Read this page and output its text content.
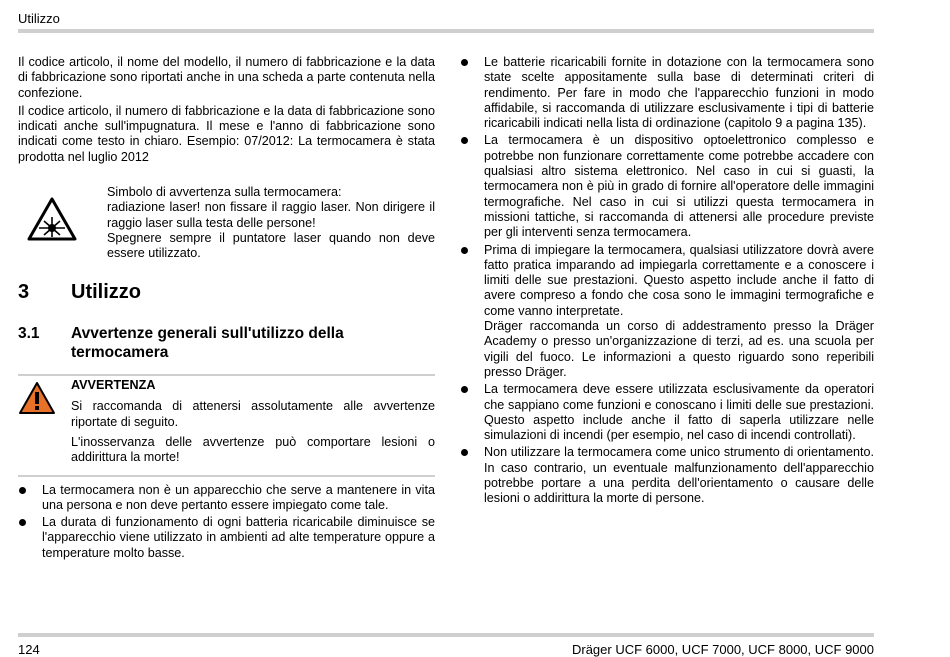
Utilizzo

Il codice articolo, il nome del modello, il numero di fabbricazione e la data di fabbricazione sono riportati anche in una scheda a parte contenuta nella confezione.

Il codice articolo, il numero di fabbricazione e la data di fabbricazione sono indicati anche sull'impugnatura. Il mese e l'anno di fabbricazione sono indicati come testo in chiaro. Esempio: 07/2012: La termocamera è stata prodotta nel luglio 2012

Simbolo di avvertenza sulla termocamera:
radiazione laser! non fissare il raggio laser. Non dirigere il raggio laser sulla testa delle persone!
Spegnere sempre il puntatore laser quando non deve essere utilizzato.
3 Utilizzo
3.1 Avvertenze generali sull'utilizzo della termocamera
AVVERTENZA

Si raccomanda di attenersi assolutamente alle avvertenze riportate di seguito.

L'inosservanza delle avvertenze può comportare lesioni o addirittura la morte!

La termocamera non è un apparecchio che serve a mantenere in vita una persona e non deve pertanto essere impiegato come tale.
La durata di funzionamento di ogni batteria ricaricabile diminuisce se l'apparecchio viene utilizzato in ambienti ad alte temperature oppure a temperature molto basse.
Le batterie ricaricabili fornite in dotazione con la termocamera sono state scelte appositamente sulla base di determinati criteri di rendimento. Per fare in modo che l'apparecchio funzioni in modo affidabile, si raccomanda di utilizzare esclusivamente i tipi di batterie ricaricabili indicati nella lista di ordinazione (capitolo 9 a pagina 135).
La termocamera è un dispositivo optoelettronico complesso e potrebbe non funzionare correttamente come potrebbe accadere con qualsiasi altro sistema elettronico. Nel caso in cui si guasti, la termocamera non è più in grado di fornire all'operatore delle immagini termografiche. Nel caso in cui si utilizzi questa termocamera in missioni tattiche, si raccomanda di attenersi alle procedure previste per gli interventi senza termocamera.
Prima di impiegare la termocamera, qualsiasi utilizzatore dovrà avere fatto pratica imparando ad impiegarla correttamente e a conoscere i limiti delle sue prestazioni. Questo aspetto include anche il fatto di avere compreso a fondo che cosa sono le immagini termografiche e come vanno interpretate.
Dräger raccomanda un corso di addestramento presso la Dräger Academy o presso un'organizzazione di terzi, ad es. una scuola per vigili del fuoco. Le informazioni a questo riguardo sono reperibili presso Dräger.
La termocamera deve essere utilizzata esclusivamente da operatori che sappiano come funzioni e conoscano i limiti delle sue prestazioni. Questo aspetto include anche il fatto di saperla utilizzare nelle simulazioni di incendi (per esempio, nel caso di incendi controllati).
Non utilizzare la termocamera come unico strumento di orientamento. In caso contrario, un eventuale malfunzionamento dell'apparecchio potrebbe portare a una perdita dell'orientamento o causare delle lesioni o addirittura la morte di persone.
124	Dräger UCF 6000, UCF 7000, UCF 8000, UCF 9000
